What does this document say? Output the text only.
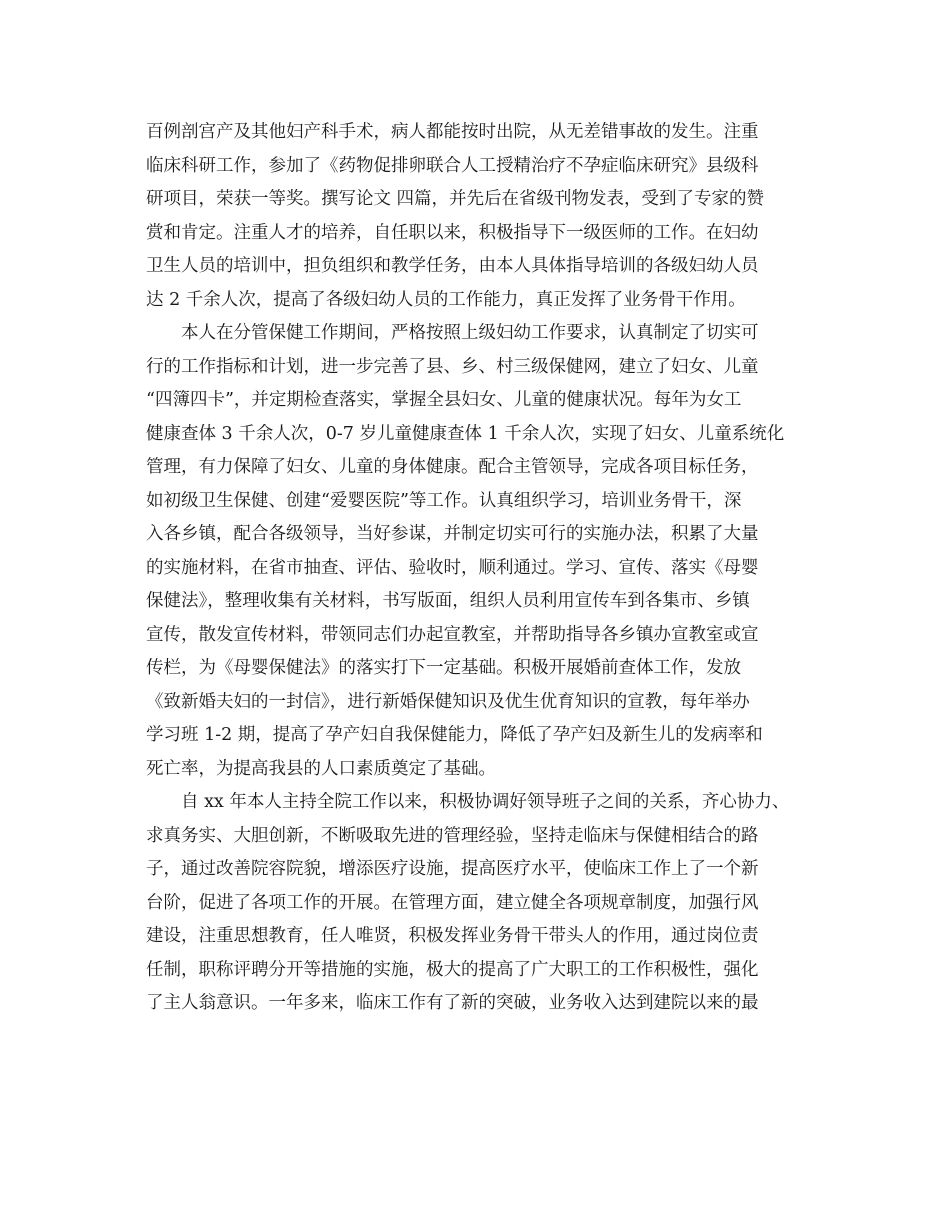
百例剖宫产及其他妇产科手术，病人都能按时出院，从无差错事故的发生。注重
临床科研工作，参加了《药物促排卵联合人工授精治疗不孕症临床研究》县级科
研项目，荣获一等奖。撰写论文 四篇，并先后在省级刊物发表，受到了专家的赞
赏和肯定。注重人才的培养，自任职以来，积极指导下一级医师的工作。在妇幼
卫生人员的培训中，担负组织和教学任务，由本人具体指导培训的各级妇幼人员
达 2 千余人次，提高了各级妇幼人员的工作能力，真正发挥了业务骨干作用。
本人在分管保健工作期间，严格按照上级妇幼工作要求，认真制定了切实可
行的工作指标和计划，进一步完善了县、乡、村三级保健网，建立了妇女、儿童
“四簿四卡”，并定期检查落实，掌握全县妇女、儿童的健康状况。每年为女工
健康查体 3 千余人次，0-7 岁儿童健康查体 1 千余人次，实现了妇女、儿童系统化
管理，有力保障了妇女、儿童的身体健康。配合主管领导，完成各项目标任务，
如初级卫生保健、创建“爱婴医院”等工作。认真组织学习，培训业务骨干，深
入各乡镇，配合各级领导，当好参谋，并制定切实可行的实施办法，积累了大量
的实施材料，在省市抽查、评估、验收时，顺利通过。学习、宣传、落实《母婴
保健法》，整理收集有关材料，书写版面，组织人员利用宣传车到各集市、乡镇
宣传，散发宣传材料，带领同志们办起宣教室，并帮助指导各乡镇办宣教室或宣
传栏，为《母婴保健法》的落实打下一定基础。积极开展婚前查体工作，发放
《致新婚夫妇的一封信》，进行新婚保健知识及优生优育知识的宣教，每年举办
学习班 1-2 期，提高了孕产妇自我保健能力，降低了孕产妇及新生儿的发病率和
死亡率，为提高我县的人口素质奠定了基础。
自 xx 年本人主持全院工作以来，积极协调好领导班子之间的关系，齐心协力、
求真务实、大胆创新，不断吸取先进的管理经验，坚持走临床与保健相结合的路
子，通过改善院容院貌，增添医疗设施，提高医疗水平，使临床工作上了一个新
台阶，促进了各项工作的开展。在管理方面，建立健全各项规章制度，加强行风
建设，注重思想教育，任人唯贤，积极发挥业务骨干带头人的作用，通过岗位责
任制，职称评聘分开等措施的实施，极大的提高了广大职工的工作积极性，强化
了主人翁意识。一年多来，临床工作有了新的突破，业务收入达到建院以来的最
